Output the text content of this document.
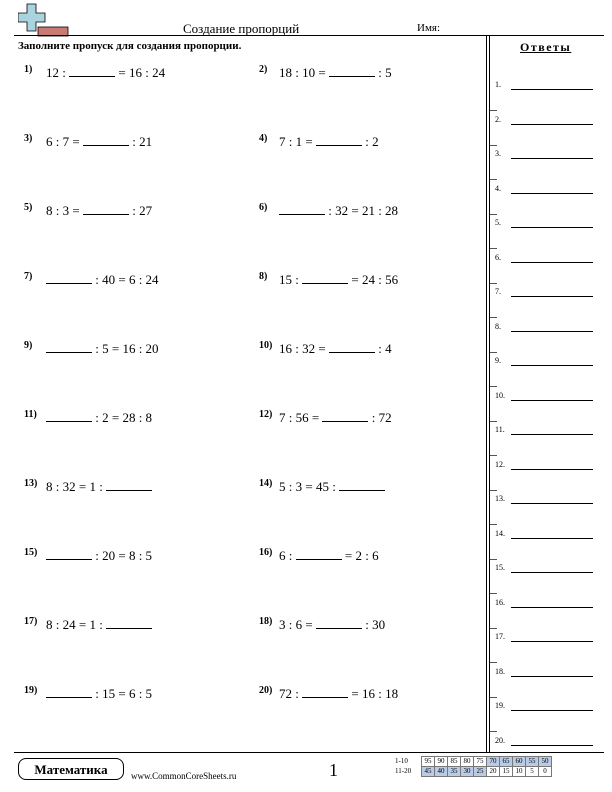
Создание пропорций	Имя:
Заполните пропуск для создания пропорции.	Ответы
1) 12 :	= 16 : 24	2) 18 : 10 =	: 5
3) 6 : 7 =	: 21	4) 7 : 1 =	: 2
5) 8 : 3 =	: 27	6)	: 32 = 21 : 28
7)	: 40 = 6 : 24	8) 15 :	= 24 : 56
9)	: 5 = 16 : 20	10) 16 : 32 =	: 4
11)	: 2 = 28 : 8	12) 7 : 56 =	: 72
13) 8 : 32 = 1 :	14) 5 : 3 = 45 :
15)	: 20 = 8 : 5	16) 6 :	= 2 : 6
17) 8 : 24 = 1 :	18) 3 : 6 =	: 30
19)	: 15 = 6 : 5	20) 72 :	= 16 : 18
1.
2.
3.
4.
5.
6.
7.
8.
9.
10.
11.
12.
13.
14.
15.
16.
17.
18.
19.
20.
Математика	www.CommonCoreSheets.ru	1	1-10	95	90	85	80	75	70	65	60	55	50
11-20	45	40	35	30	25	20	15	10	5	0
